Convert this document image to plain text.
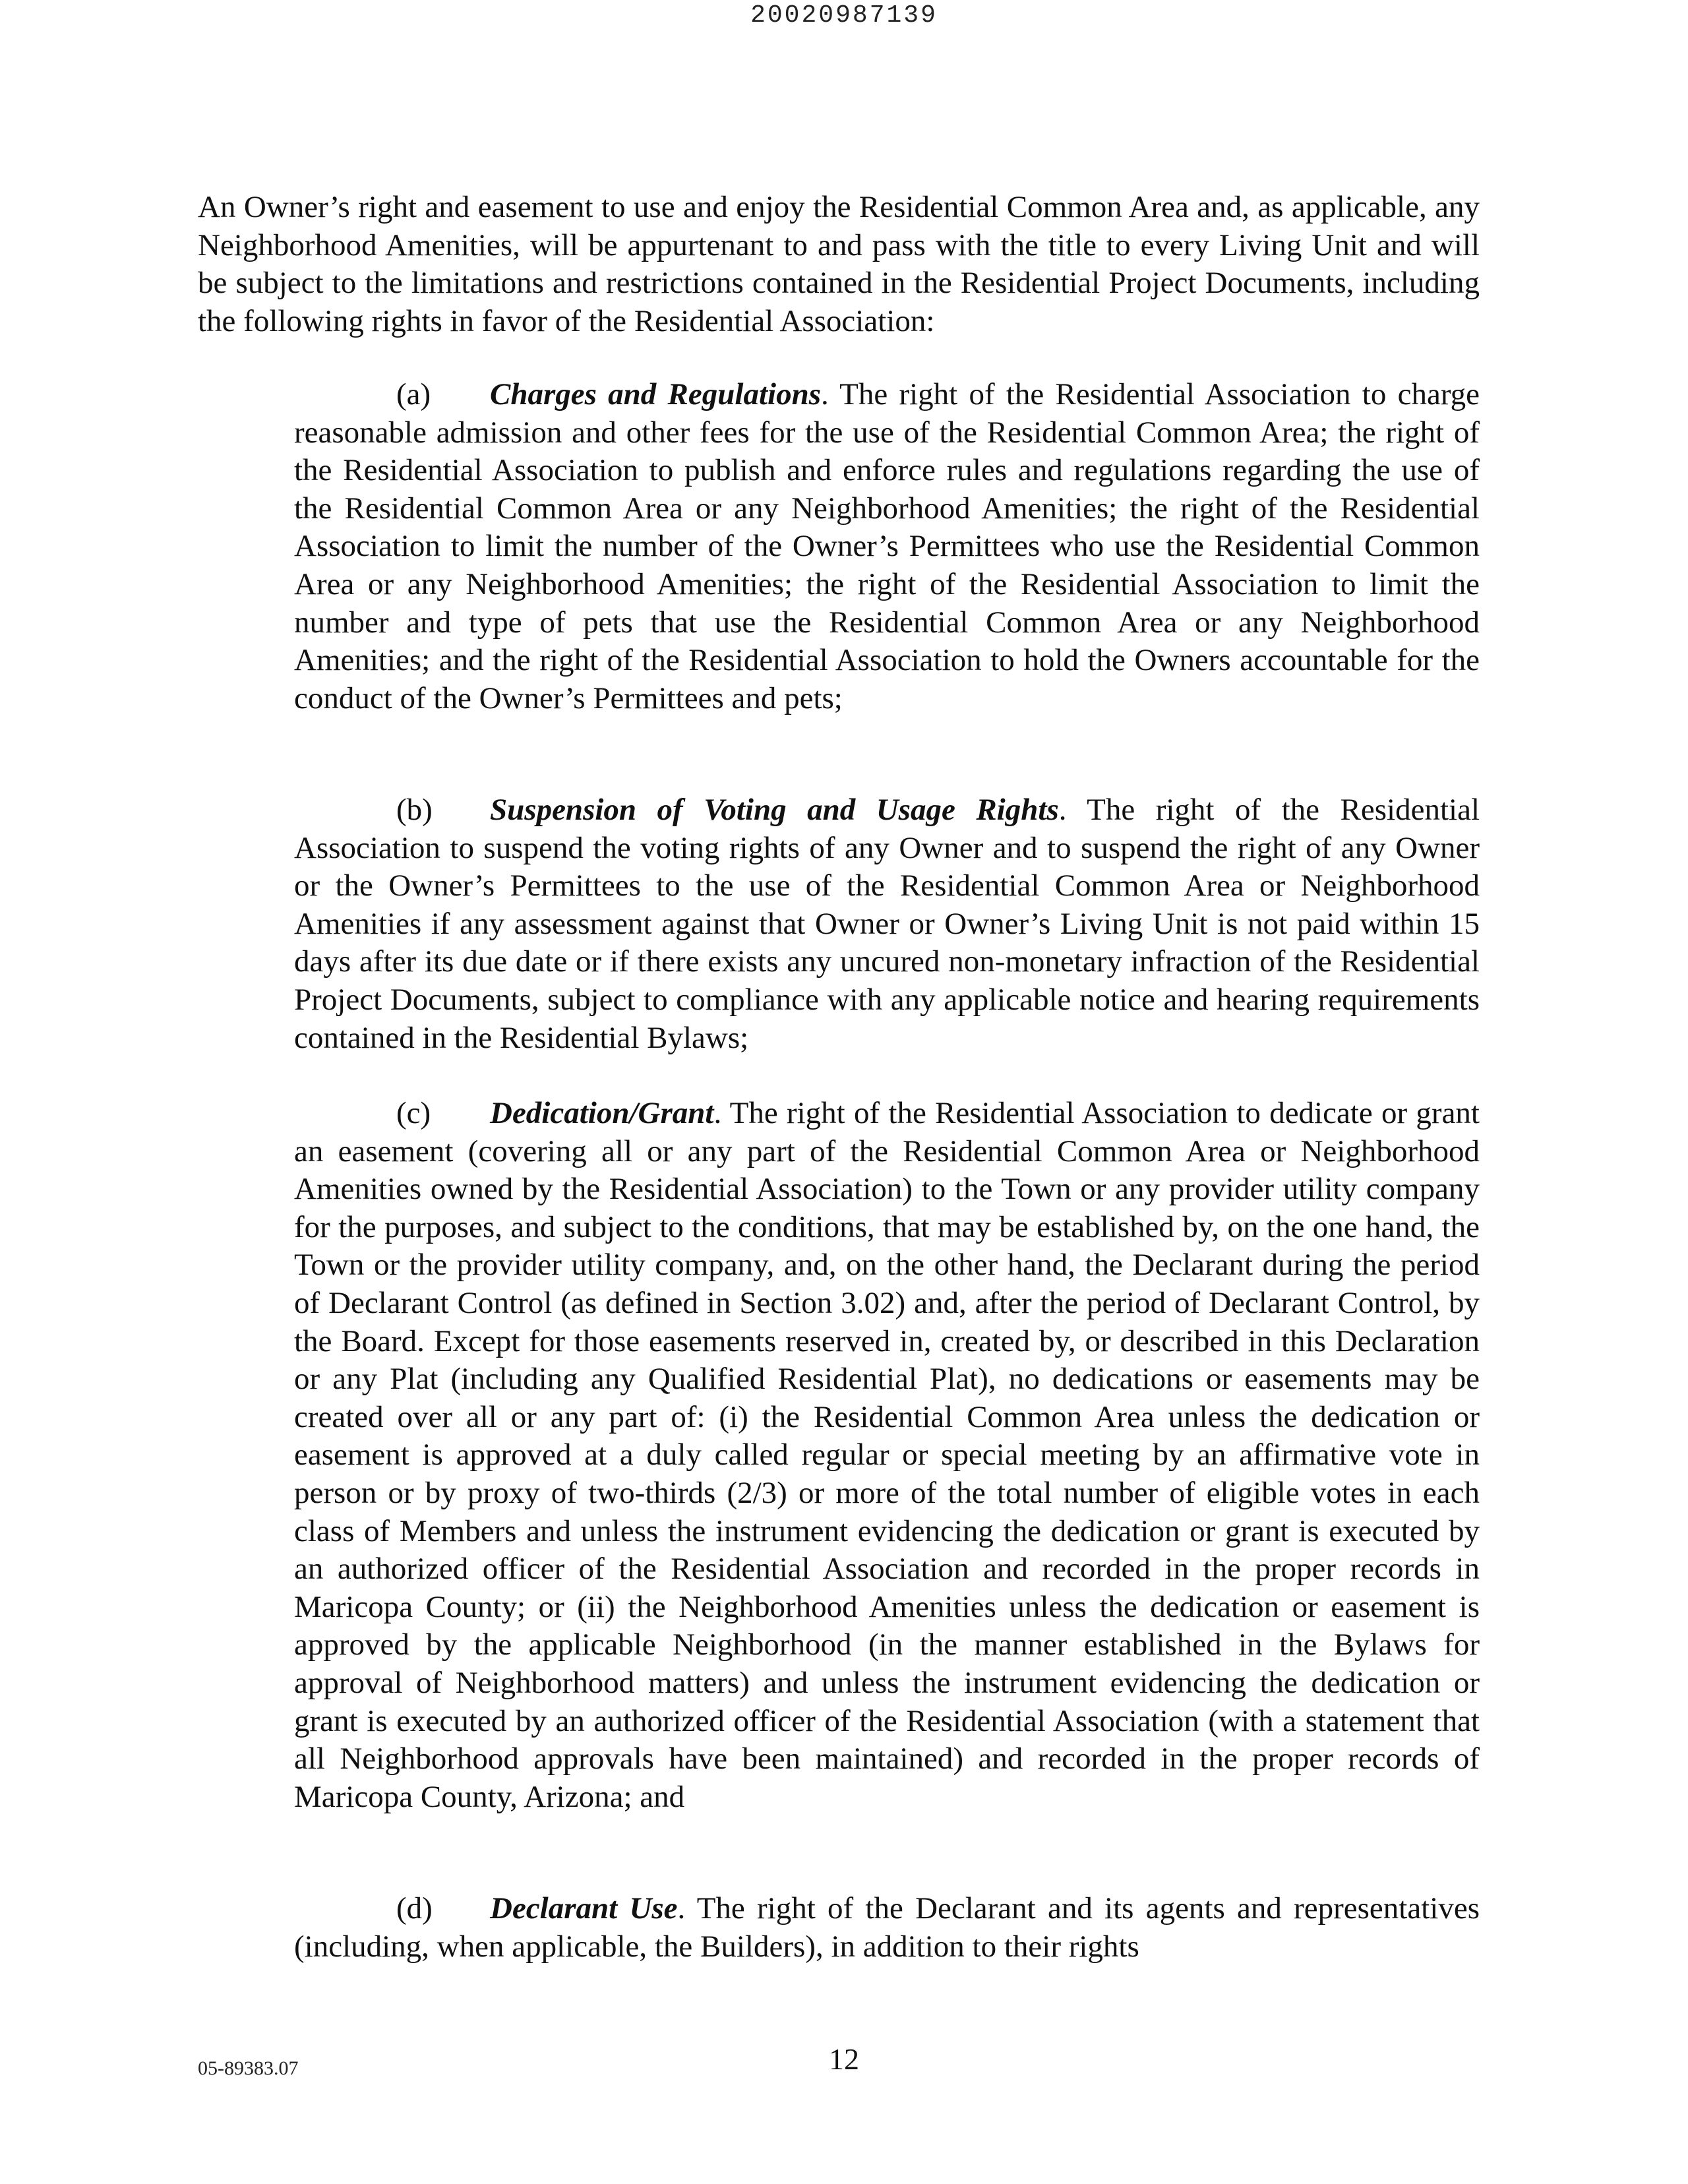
20020987139
An Owner’s right and easement to use and enjoy the Residential Common Area and, as applicable, any Neighborhood Amenities, will be appurtenant to and pass with the title to every Living Unit and will be subject to the limitations and restrictions contained in the Residential Project Documents, including the following rights in favor of the Residential Association:
(a) Charges and Regulations. The right of the Residential Association to charge reasonable admission and other fees for the use of the Residential Common Area; the right of the Residential Association to publish and enforce rules and regulations regarding the use of the Residential Common Area or any Neighborhood Amenities; the right of the Residential Association to limit the number of the Owner’s Permittees who use the Residential Common Area or any Neighborhood Amenities; the right of the Residential Association to limit the number and type of pets that use the Residential Common Area or any Neighborhood Amenities; and the right of the Residential Association to hold the Owners accountable for the conduct of the Owner’s Permittees and pets;
(b) Suspension of Voting and Usage Rights. The right of the Residential Association to suspend the voting rights of any Owner and to suspend the right of any Owner or the Owner’s Permittees to the use of the Residential Common Area or Neighborhood Amenities if any assessment against that Owner or Owner’s Living Unit is not paid within 15 days after its due date or if there exists any uncured non-monetary infraction of the Residential Project Documents, subject to compliance with any applicable notice and hearing requirements contained in the Residential Bylaws;
(c) Dedication/Grant. The right of the Residential Association to dedicate or grant an easement (covering all or any part of the Residential Common Area or Neighborhood Amenities owned by the Residential Association) to the Town or any provider utility company for the purposes, and subject to the conditions, that may be established by, on the one hand, the Town or the provider utility company, and, on the other hand, the Declarant during the period of Declarant Control (as defined in Section 3.02) and, after the period of Declarant Control, by the Board. Except for those easements reserved in, created by, or described in this Declaration or any Plat (including any Qualified Residential Plat), no dedications or easements may be created over all or any part of: (i) the Residential Common Area unless the dedication or easement is approved at a duly called regular or special meeting by an affirmative vote in person or by proxy of two-thirds (2/3) or more of the total number of eligible votes in each class of Members and unless the instrument evidencing the dedication or grant is executed by an authorized officer of the Residential Association and recorded in the proper records in Maricopa County; or (ii) the Neighborhood Amenities unless the dedication or easement is approved by the applicable Neighborhood (in the manner established in the Bylaws for approval of Neighborhood matters) and unless the instrument evidencing the dedication or grant is executed by an authorized officer of the Residential Association (with a statement that all Neighborhood approvals have been maintained) and recorded in the proper records of Maricopa County, Arizona; and
(d) Declarant Use. The right of the Declarant and its agents and representatives (including, when applicable, the Builders), in addition to their rights
05-89383.07	12
